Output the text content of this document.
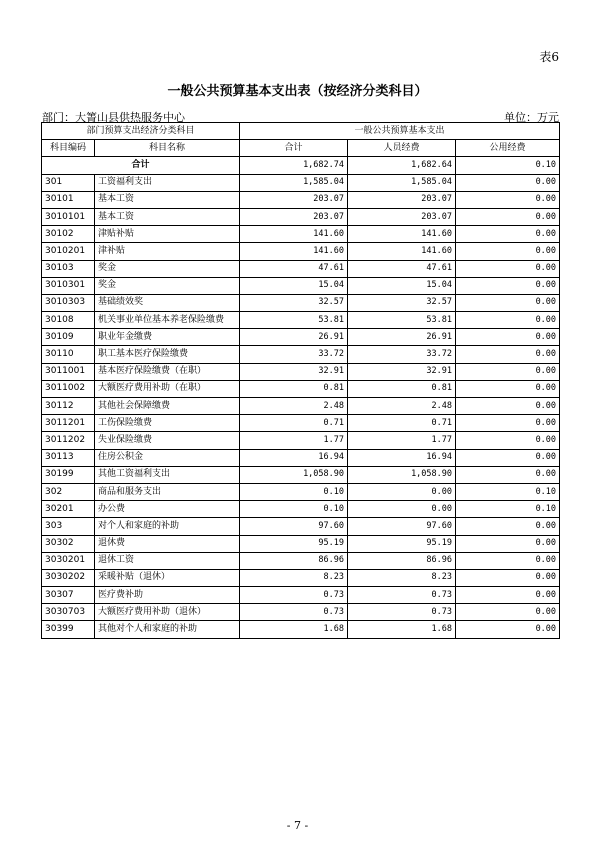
表6
一般公共预算基本支出表（按经济分类科目）
部门：大箐山县供热服务中心	单位：万元
部门预算支出经济分类科目		一般公共预算基本支出		
科目编码	科目名称	合计	人员经费	公用经费
合计		1,682.74	1,682.64	0.10
301	工资福利支出	1,585.04	1,585.04	0.00
30101	基本工资	203.07	203.07	0.00
3010101	基本工资	203.07	203.07	0.00
30102	津贴补贴	141.60	141.60	0.00
3010201	津补贴	141.60	141.60	0.00
30103	奖金	47.61	47.61	0.00
3010301	奖金	15.04	15.04	0.00
3010303	基础绩效奖	32.57	32.57	0.00
30108	机关事业单位基本养老保险缴费	53.81	53.81	0.00
30109	职业年金缴费	26.91	26.91	0.00
30110	职工基本医疗保险缴费	33.72	33.72	0.00
3011001	基本医疗保险缴费（在职）	32.91	32.91	0.00
3011002	大额医疗费用补助（在职）	0.81	0.81	0.00
30112	其他社会保障缴费	2.48	2.48	0.00
3011201	工伤保险缴费	0.71	0.71	0.00
3011202	失业保险缴费	1.77	1.77	0.00
30113	住房公积金	16.94	16.94	0.00
30199	其他工资福利支出	1,058.90	1,058.90	0.00
302	商品和服务支出	0.10	0.00	0.10
30201	办公费	0.10	0.00	0.10
303	对个人和家庭的补助	97.60	97.60	0.00
30302	退休费	95.19	95.19	0.00
3030201	退休工资	86.96	86.96	0.00
3030202	采暖补贴（退休）	8.23	8.23	0.00
30307	医疗费补助	0.73	0.73	0.00
3030703	大额医疗费用补助（退休）	0.73	0.73	0.00
30399	其他对个人和家庭的补助	1.68	1.68	0.00
- 7 -
